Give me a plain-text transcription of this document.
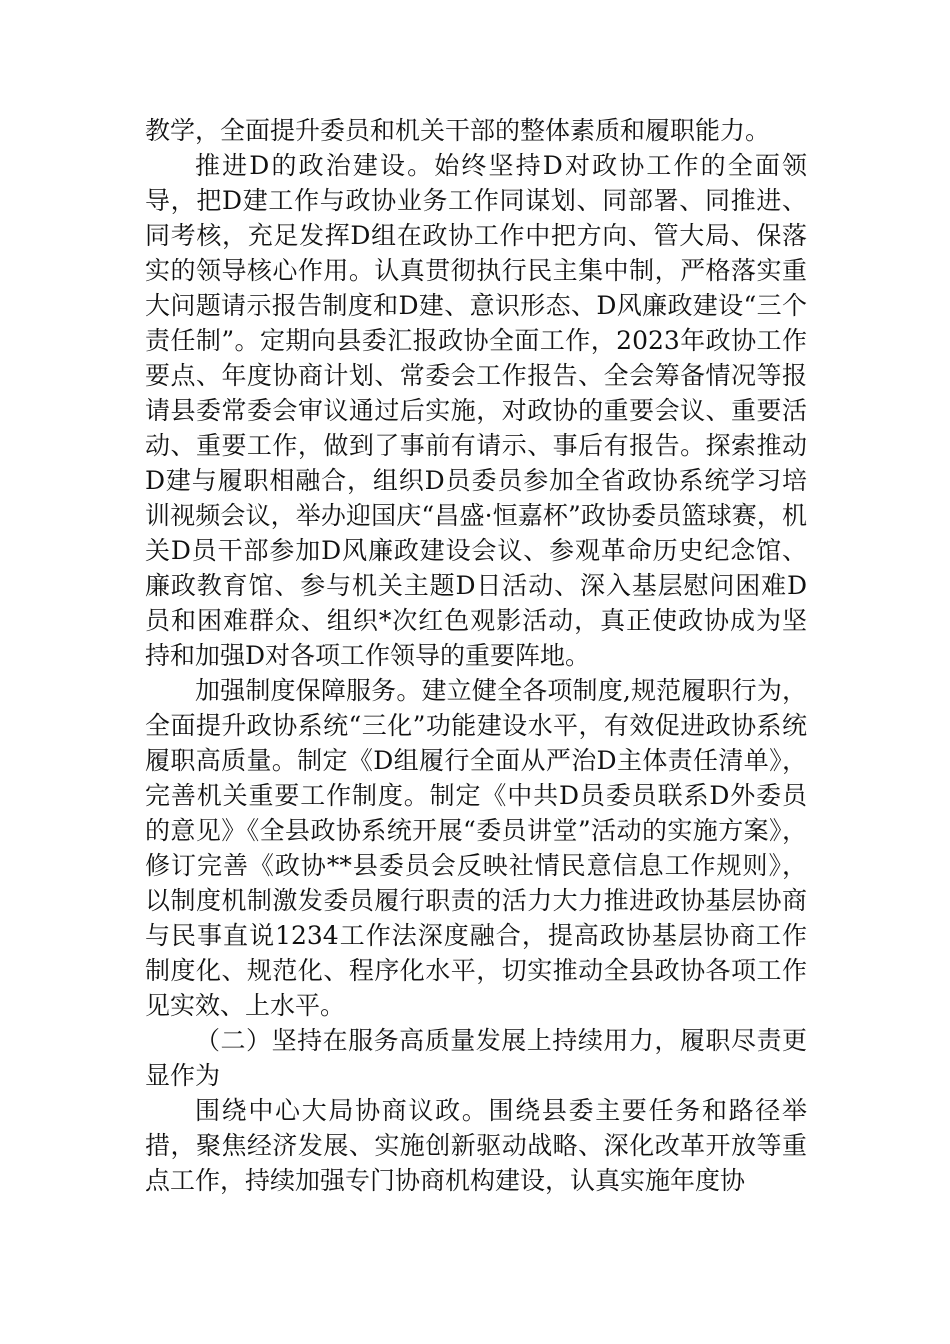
教学，全面提升委员和机关干部的整体素质和履职能力。

推进D的政治建设。始终坚持D对政协工作的全面领导，把D建工作与政协业务工作同谋划、同部署、同推进、同考核，充足发挥D组在政协工作中把方向、管大局、保落实的领导核心作用。认真贯彻执行民主集中制，严格落实重大问题请示报告制度和D建、意识形态、D风廉政建设“三个责任制”。定期向县委汇报政协全面工作，2023年政协工作要点、年度协商计划、常委会工作报告、全会筹备情况等报请县委常委会审议通过后实施，对政协的重要会议、重要活动、重要工作，做到了事前有请示、事后有报告。探索推动D建与履职相融合，组织D员委员参加全省政协系统学习培训视频会议，举办迎国庆“昌盛·恒嘉杯”政协委员篮球赛，机关D员干部参加D风廉政建设会议、参观革命历史纪念馆、廉政教育馆、参与机关主题D日活动、深入基层慰问困难D员和困难群众、组织*次红色观影活动，真正使政协成为坚持和加强D对各项工作领导的重要阵地。

加强制度保障服务。建立健全各项制度,规范履职行为，全面提升政协系统“三化”功能建设水平，有效促进政协系统履职高质量。制定《D组履行全面从严治D主体责任清单》，完善机关重要工作制度。制定《中共D员委员联系D外委员的意见》《全县政协系统开展“委员讲堂”活动的实施方案》，修订完善《政协**县委员会反映社情民意信息工作规则》，以制度机制激发委员履行职责的活力大力推进政协基层协商与民事直说1234工作法深度融合，提高政协基层协商工作制度化、规范化、程序化水平，切实推动全县政协各项工作见实效、上水平。

（二）坚持在服务高质量发展上持续用力，履职尽责更显作为

围绕中心大局协商议政。围绕县委主要任务和路径举措，聚焦经济发展、实施创新驱动战略、深化改革开放等重点工作，持续加强专门协商机构建设，认真实施年度协
